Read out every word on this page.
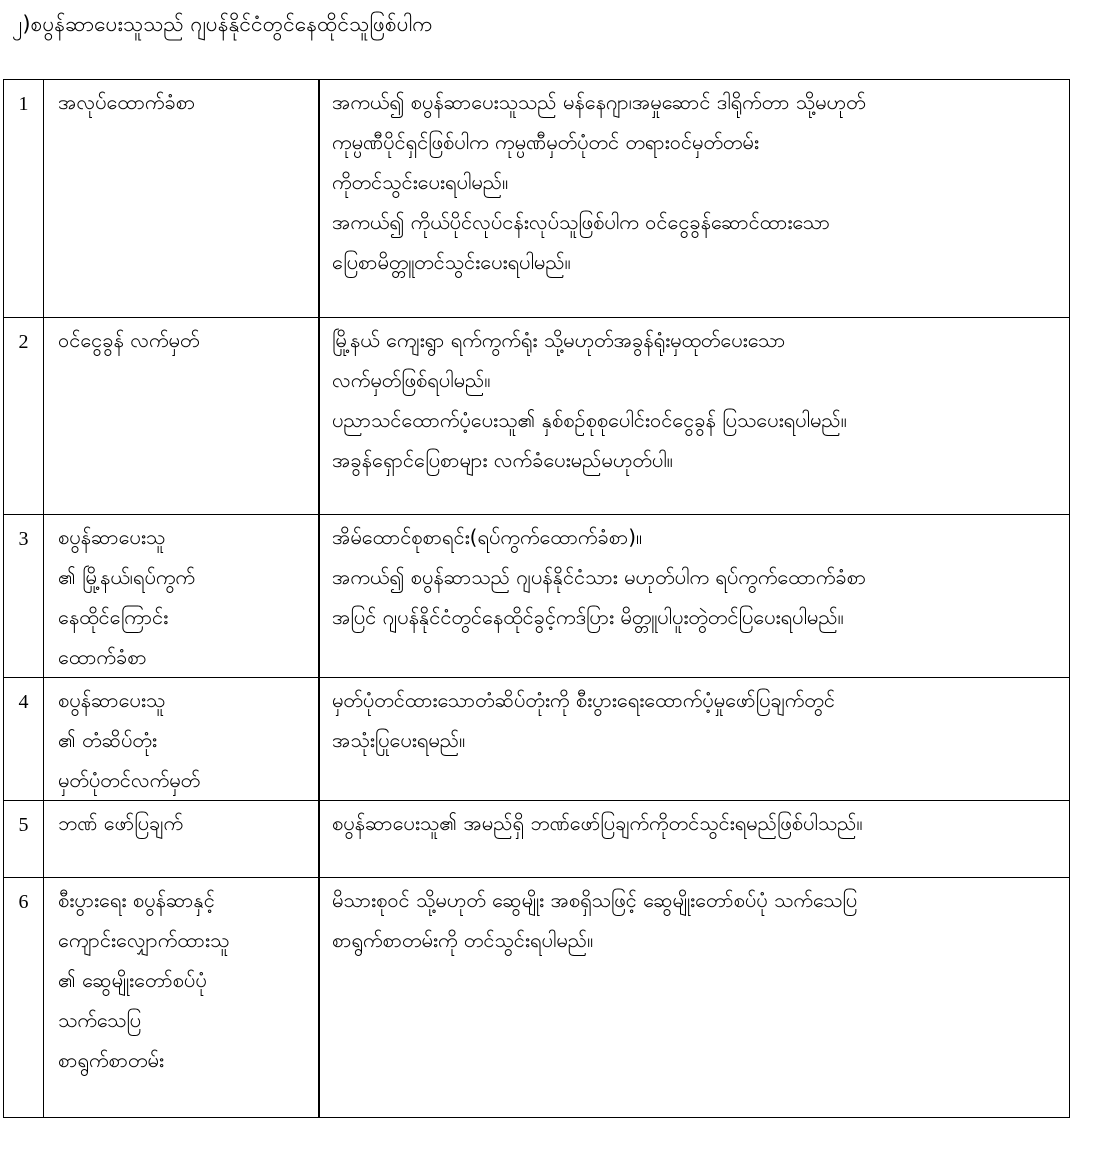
၂)စပွန်ဆာပေးသူသည် ဂျပန်နိုင်ငံတွင်နေထိုင်သူဖြစ်ပါက
1	အလုပ်ထောက်ခံစာ	အကယ်၍ စပွန်ဆာပေးသူသည် မန်နေဂျာ၊အမှုဆောင် ဒါရိုက်တာ သို့မဟုတ်
ကုမ္ပဏီပိုင်ရှင်ဖြစ်ပါက ကုမ္ပဏီမှတ်ပုံတင် တရားဝင်မှတ်တမ်း
ကိုတင်သွင်းပေးရပါမည်။
အကယ်၍ ကိုယ်ပိုင်လုပ်ငန်းလုပ်သူဖြစ်ပါက ဝင်ငွေခွန်ဆောင်ထားသော
ပြေစာမိတ္တူတင်သွင်းပေးရပါမည်။

2	ဝင်ငွေခွန် လက်မှတ်	မြို့နယ် ကျေးရွာ ရက်ကွက်ရုံး သို့မဟုတ်အခွန်ရုံးမှထုတ်ပေးသော
လက်မှတ်ဖြစ်ရပါမည်။
ပညာသင်ထောက်ပံ့ပေးသူ၏ နှစ်စဉ်စုစုပေါင်းဝင်ငွေခွန် ပြသပေးရပါမည်။
အခွန်ရှောင်ပြေစာများ လက်ခံပေးမည်မဟုတ်ပါ။

3	စပွန်ဆာပေးသူ
၏ မြို့နယ်၊ရပ်ကွက်
နေထိုင်ကြောင်း
ထောက်ခံစာ	အိမ်ထောင်စုစာရင်း(ရပ်ကွက်ထောက်ခံစာ)။
အကယ်၍ စပွန်ဆာသည် ဂျပန်နိုင်ငံသား မဟုတ်ပါက ရပ်ကွက်ထောက်ခံစာ
အပြင် ဂျပန်နိုင်ငံတွင်နေထိုင်ခွင့်ကဒ်ပြား မိတ္တူပါပူးတွဲတင်ပြပေးရပါမည်။

4	စပွန်ဆာပေးသူ
၏ တံဆိပ်တုံး
မှတ်ပုံတင်လက်မှတ်	မှတ်ပုံတင်ထားသောတံဆိပ်တုံးကို စီးပွားရေးထောက်ပံ့မှုဖော်ပြချက်တွင်
အသုံးပြုပေးရမည်။

5	ဘဏ် ဖော်ပြချက်	စပွန်ဆာပေးသူ၏ အမည်ရှိ ဘဏ်ဖော်ပြချက်ကိုတင်သွင်းရမည်ဖြစ်ပါသည်။

6	စီးပွားရေး စပွန်ဆာနှင့်
ကျောင်းလျှောက်ထားသူ
၏ ဆွေမျိုးတော်စပ်ပုံ
သက်သေပြ
စာရွက်စာတမ်း	မိသားစုဝင် သို့မဟုတ် ဆွေမျိုး အစရှိသဖြင့် ဆွေမျိုးတော်စပ်ပုံ သက်သေပြ
စာရွက်စာတမ်းကို တင်သွင်းရပါမည်။
